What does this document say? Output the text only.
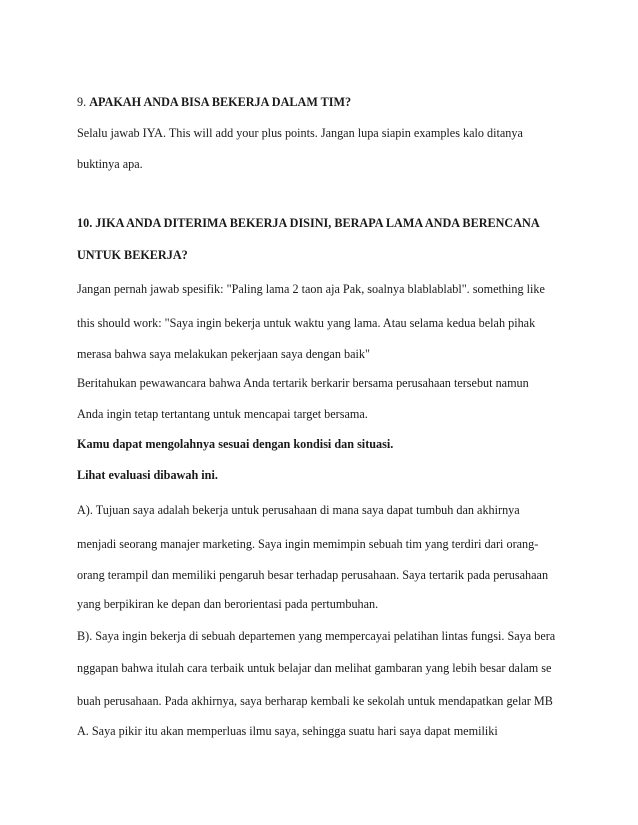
9. APAKAH ANDA BISA BEKERJA DALAM TIM?
Selalu jawab IYA. This will add your plus points. Jangan lupa siapin examples kalo ditanya
buktinya apa.
10. JIKA ANDA DITERIMA BEKERJA DISINI, BERAPA LAMA ANDA BERENCANA
UNTUK BEKERJA?
Jangan pernah jawab spesifik: "Paling lama 2 taon aja Pak, soalnya blablablabl". something like
this should work: "Saya ingin bekerja untuk waktu yang lama. Atau selama kedua belah pihak
merasa bahwa saya melakukan pekerjaan saya dengan baik"
Beritahukan pewawancara bahwa Anda tertarik berkarir bersama perusahaan tersebut namun
Anda ingin tetap tertantang untuk mencapai target bersama.
Kamu dapat mengolahnya sesuai dengan kondisi dan situasi.
Lihat evaluasi dibawah ini.
A). Tujuan saya adalah bekerja untuk perusahaan di mana saya dapat tumbuh dan akhirnya
menjadi seorang manajer marketing. Saya ingin memimpin sebuah tim yang terdiri dari orang-
orang terampil dan memiliki pengaruh besar terhadap perusahaan. Saya tertarik pada perusahaan
yang berpikiran ke depan dan berorientasi pada pertumbuhan.
B). Saya ingin bekerja di sebuah departemen yang mempercayai pelatihan lintas fungsi. Saya bera
nggapan bahwa itulah cara terbaik untuk belajar dan melihat gambaran yang lebih besar dalam se
buah perusahaan. Pada akhirnya, saya berharap kembali ke sekolah untuk mendapatkan gelar MB
A. Saya pikir itu akan memperluas ilmu saya, sehingga suatu hari saya dapat memiliki
